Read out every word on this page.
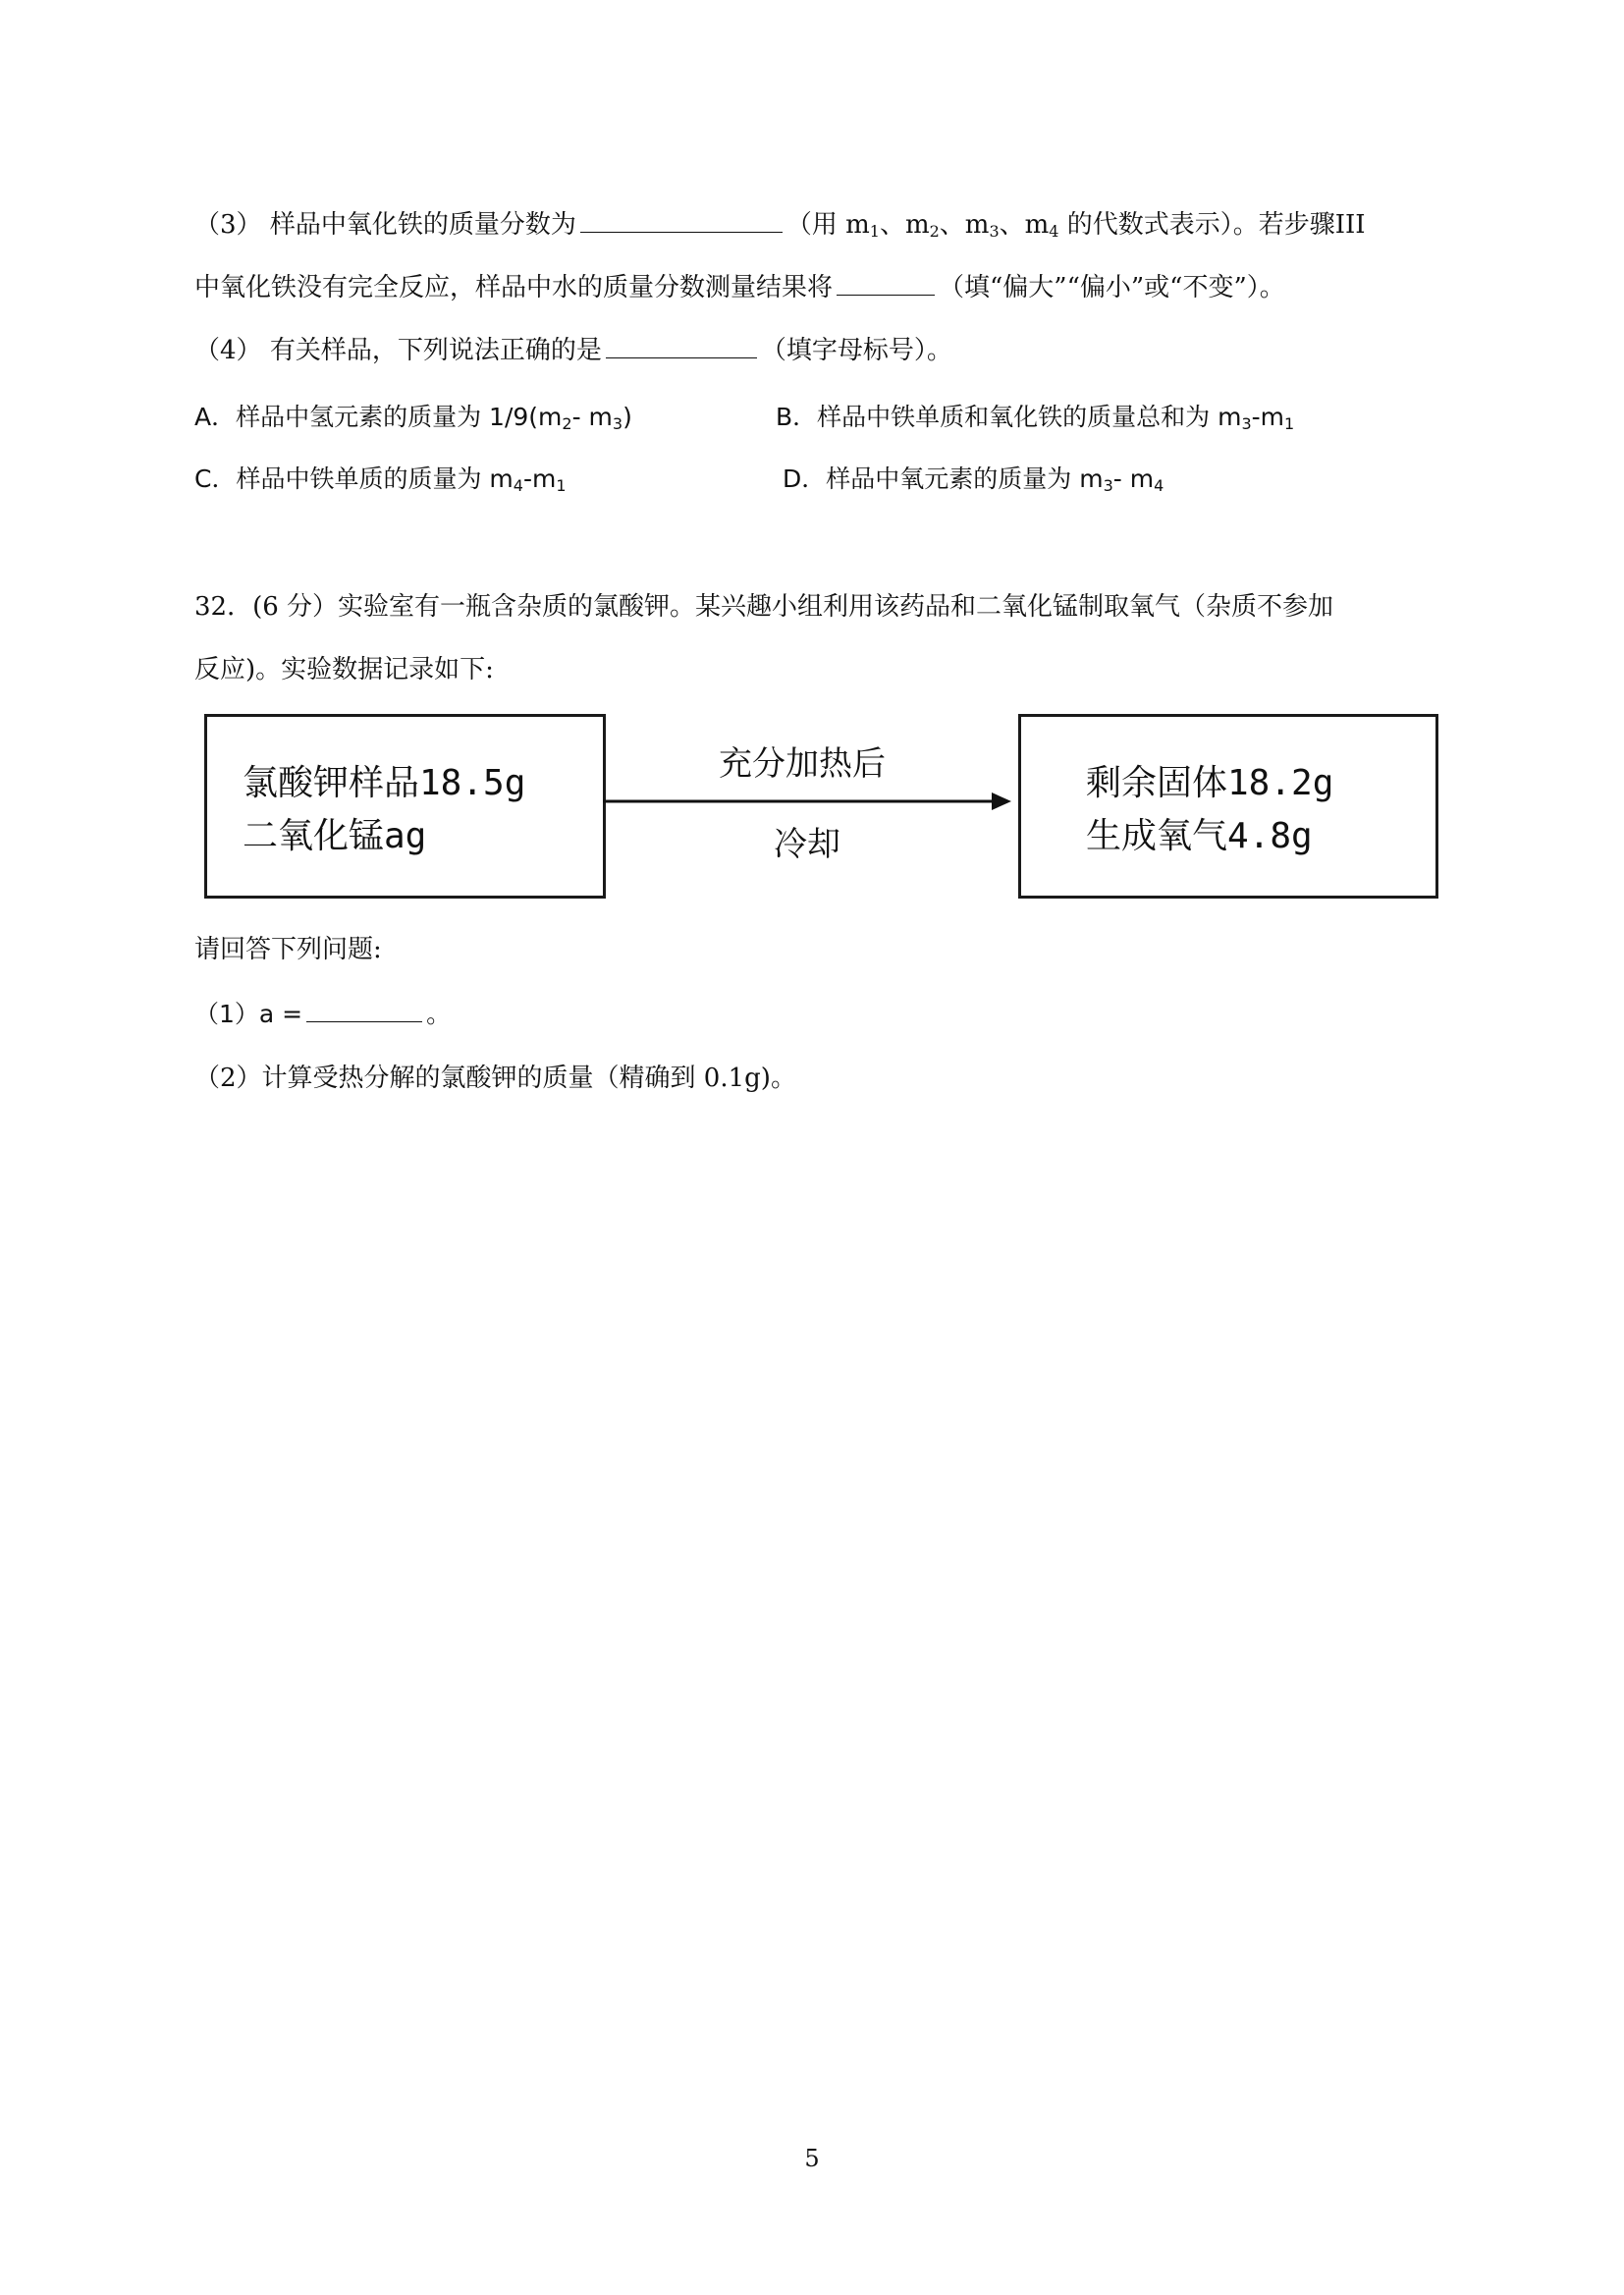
（3） 样品中氧化铁的质量分数为	（用 $m_1$、$m_2$、$m_3$、$m_4$ 的代数式表示）。若步骤III
中氧化铁没有完全反应，样品中水的质量分数测量结果将	（填“偏大”“偏小”或“不变”）。
（4） 有关样品，下列说法正确的是	（填字母标号）。
A．样品中氢元素的质量为 $1/9(m_2-$ $m_3$)	B．样品中铁单质和氧化铁的质量总和为 $m_3-m_1$
C．样品中铁单质的质量为 $m_4-m_1$	D．样品中氧元素的质量为 $m_3-$ $m_4$
32．(6 分）实验室有一瓶含杂质的氯酸钾。某兴趣小组利用该药品和二氧化锰制取氧气（杂质不参加
反应)。实验数据记录如下:
氯酸钾样品18.5g
二氧化锰ag
充分加热后
冷却
剩余固体18.2g
生成氧气4.8g
请回答下列问题:
（1）a =	。
（2）计算受热分解的氯酸钾的质量（精确到 0.1g)。
5
